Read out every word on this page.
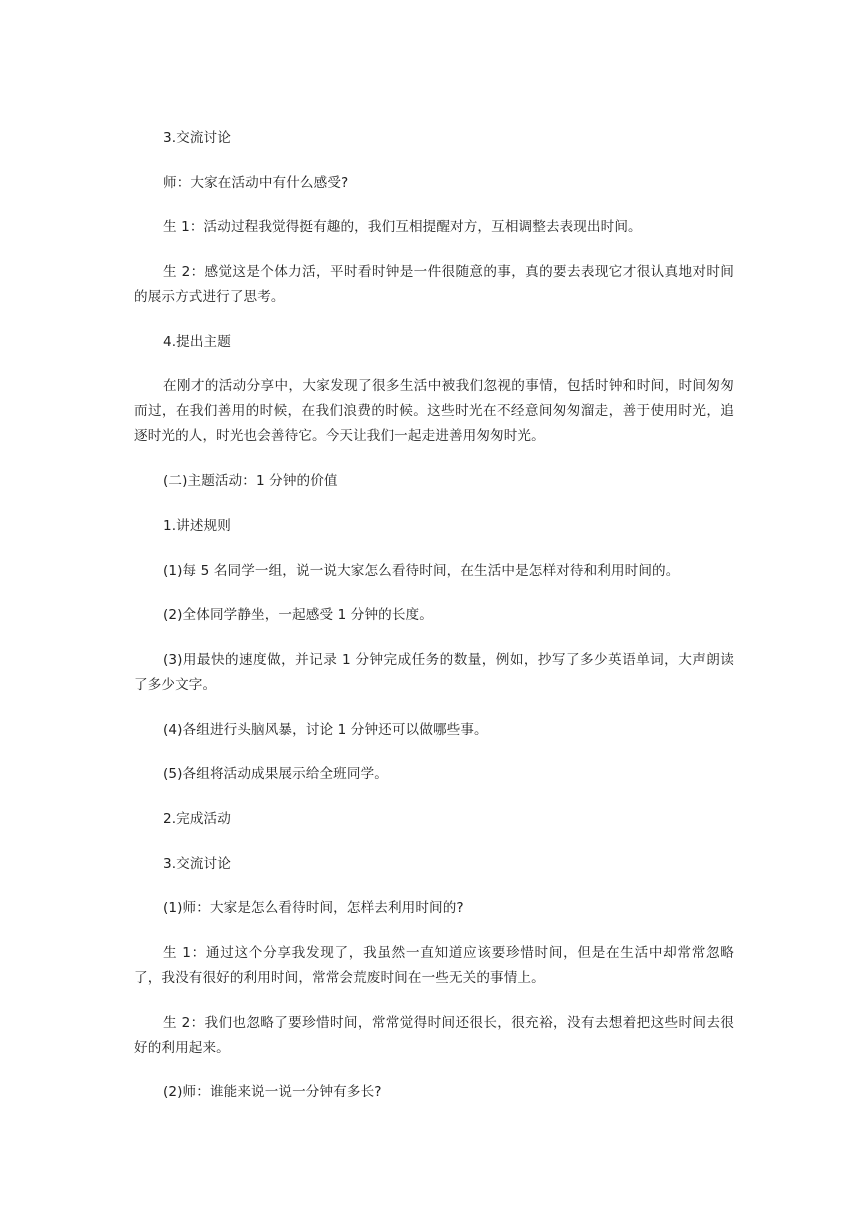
3.交流讨论

师：大家在活动中有什么感受?

生 1：活动过程我觉得挺有趣的，我们互相提醒对方，互相调整去表现出时间。

生 2：感觉这是个体力活，平时看时钟是一件很随意的事，真的要去表现它才很认真地对时间的展示方式进行了思考。

4.提出主题

在刚才的活动分享中，大家发现了很多生活中被我们忽视的事情，包括时钟和时间，时间匆匆而过，在我们善用的时候，在我们浪费的时候。这些时光在不经意间匆匆溜走，善于使用时光，追逐时光的人，时光也会善待它。今天让我们一起走进善用匆匆时光。

(二)主题活动：1 分钟的价值

1.讲述规则

(1)每 5 名同学一组，说一说大家怎么看待时间，在生活中是怎样对待和利用时间的。

(2)全体同学静坐，一起感受 1 分钟的长度。

(3)用最快的速度做，并记录 1 分钟完成任务的数量，例如，抄写了多少英语单词，大声朗读了多少文字。

(4)各组进行头脑风暴，讨论 1 分钟还可以做哪些事。

(5)各组将活动成果展示给全班同学。

2.完成活动

3.交流讨论

(1)师：大家是怎么看待时间，怎样去利用时间的?

生 1：通过这个分享我发现了，我虽然一直知道应该要珍惜时间，但是在生活中却常常忽略了，我没有很好的利用时间，常常会荒废时间在一些无关的事情上。

生 2：我们也忽略了要珍惜时间，常常觉得时间还很长，很充裕，没有去想着把这些时间去很好的利用起来。

(2)师：谁能来说一说一分钟有多长?
